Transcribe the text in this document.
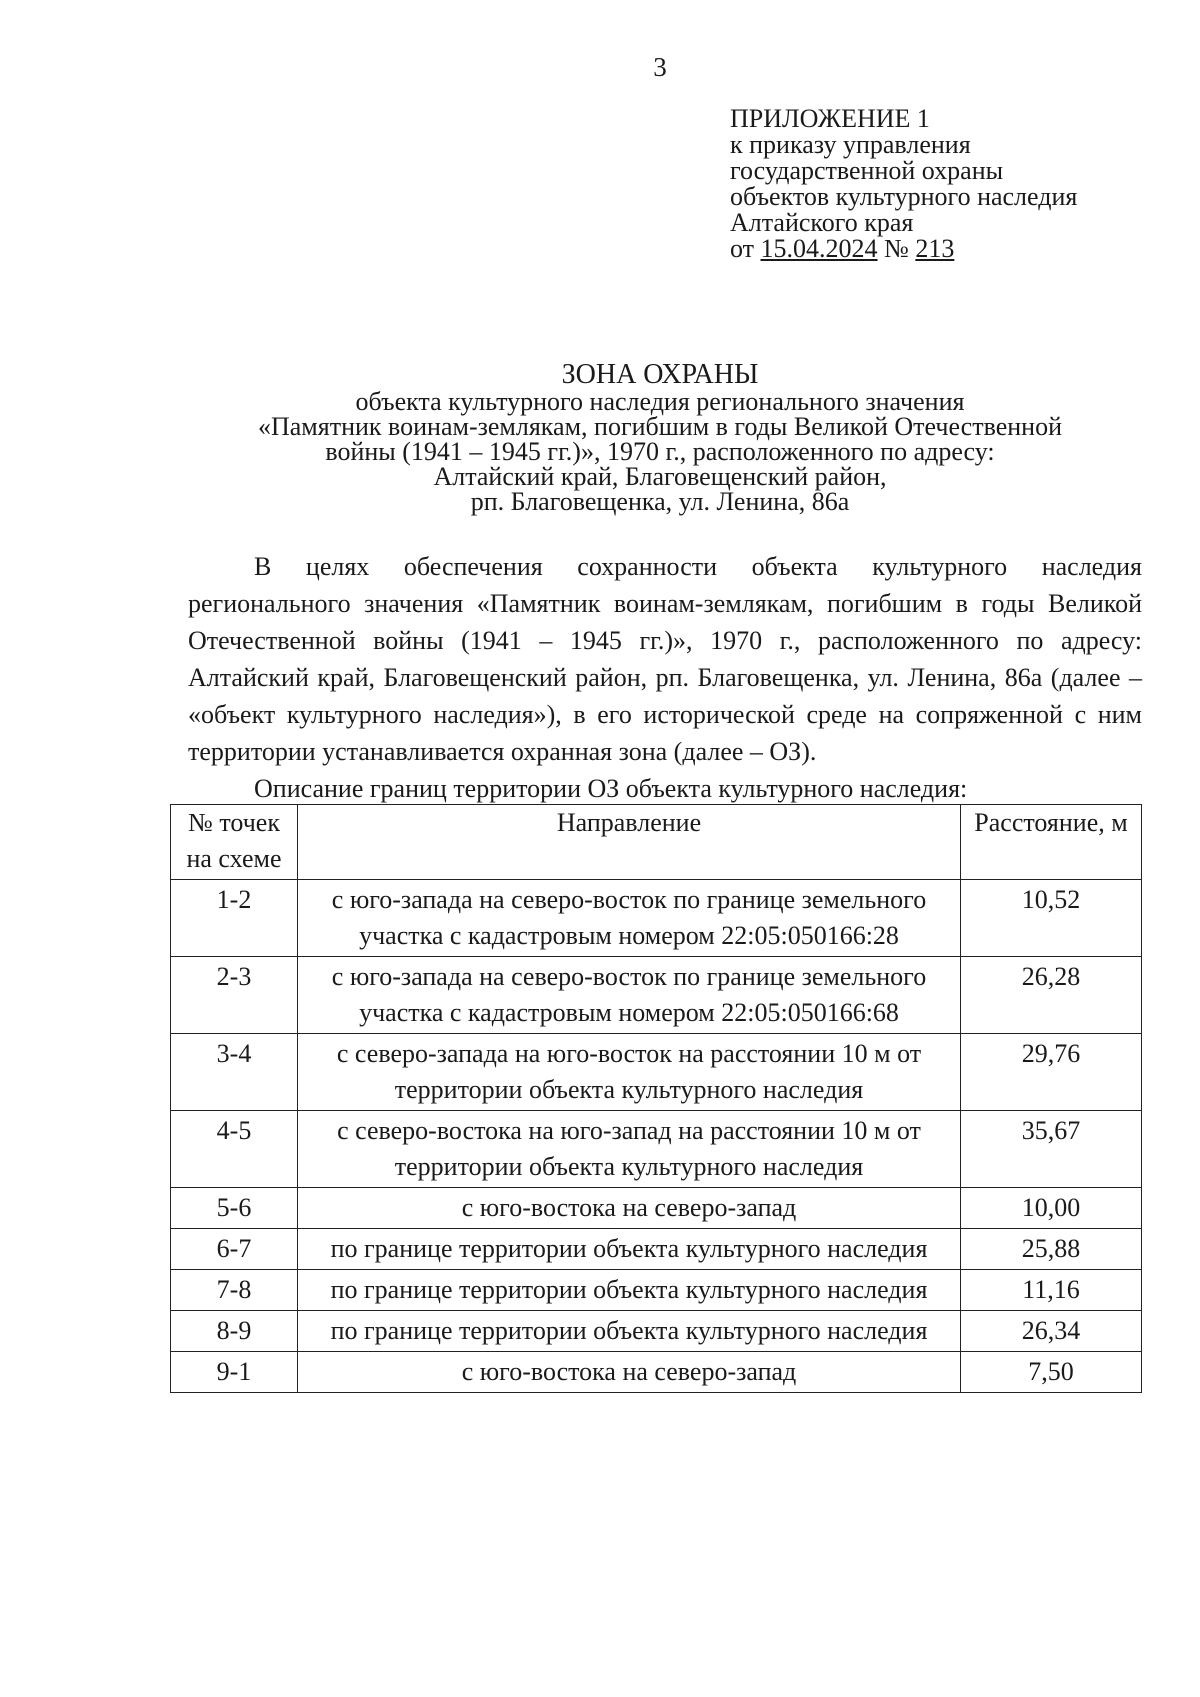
3
ПРИЛОЖЕНИЕ 1
к приказу управления
государственной охраны
объектов культурного наследия
Алтайского края
от 15.04.2024 № 213
ЗОНА ОХРАНЫ
объекта культурного наследия регионального значения
«Памятник воинам-землякам, погибшим в годы Великой Отечественной
войны (1941 – 1945 гг.)», 1970 г., расположенного по адресу:
Алтайский край, Благовещенский район,
рп. Благовещенка, ул. Ленина, 86а

В целях обеспечения сохранности объекта культурного наследия регионального значения «Памятник воинам-землякам, погибшим в годы Великой Отечественной войны (1941 – 1945 гг.)», 1970 г., расположенного по адресу: Алтайский край, Благовещенский район, рп. Благовещенка, ул. Ленина, 86а (далее – «объект культурного наследия»), в его исторической среде на сопряженной с ним территории устанавливается охранная зона (далее – ОЗ).

Описание границ территории ОЗ объекта культурного наследия:

№ точек на схеме	Направление	Расстояние, м
1-2	с юго-запада на северо-восток по границе земельного участка с кадастровым номером 22:05:050166:28	10,52
2-3	с юго-запада на северо-восток по границе земельного участка с кадастровым номером 22:05:050166:68	26,28
3-4	с северо-запада на юго-восток на расстоянии 10 м от территории объекта культурного наследия	29,76
4-5	с северо-востока на юго-запад на расстоянии 10 м от территории объекта культурного наследия	35,67
5-6	с юго-востока на северо-запад	10,00
6-7	по границе территории объекта культурного наследия	25,88
7-8	по границе территории объекта культурного наследия	11,16
8-9	по границе территории объекта культурного наследия	26,34
9-1	с юго-востока на северо-запад	7,50
